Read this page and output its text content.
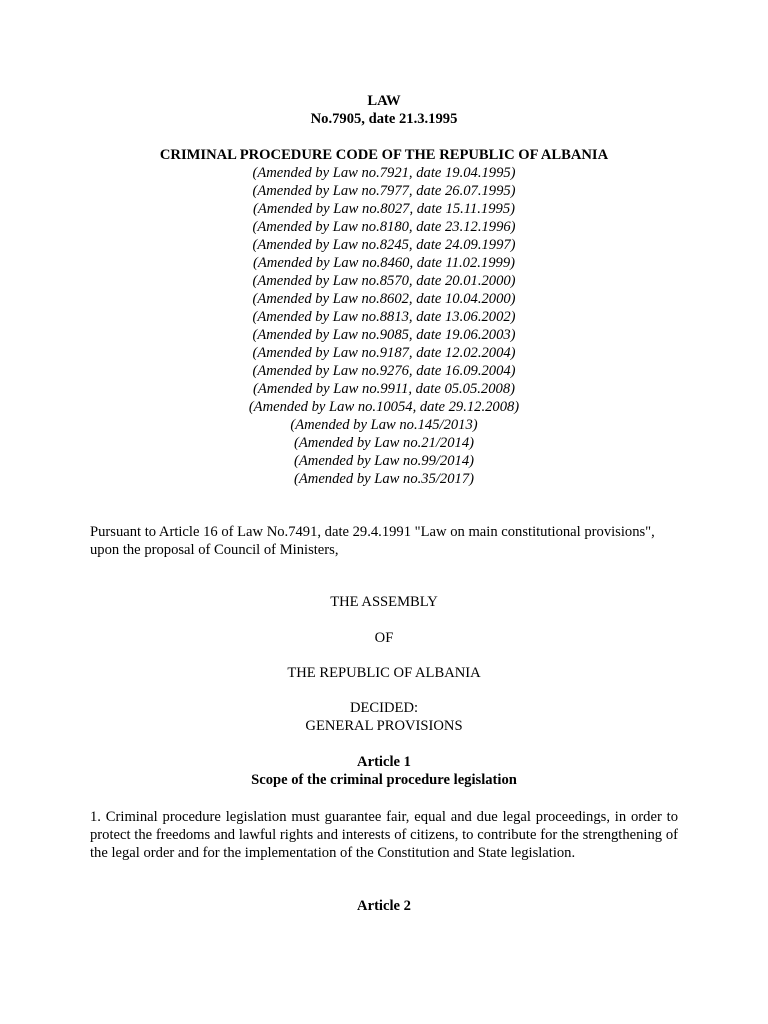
LAW
No.7905, date 21.3.1995
CRIMINAL PROCEDURE CODE OF THE REPUBLIC OF ALBANIA
(Amended by Law no.7921, date 19.04.1995)
(Amended by Law no.7977, date 26.07.1995)
(Amended by Law no.8027, date 15.11.1995)
(Amended by Law no.8180, date 23.12.1996)
(Amended by Law no.8245, date 24.09.1997)
(Amended by Law no.8460, date 11.02.1999)
(Amended by Law no.8570, date 20.01.2000)
(Amended by Law no.8602, date 10.04.2000)
(Amended by Law no.8813, date 13.06.2002)
(Amended by Law no.9085, date 19.06.2003)
(Amended by Law no.9187, date 12.02.2004)
(Amended by Law no.9276, date 16.09.2004)
(Amended by Law no.9911, date 05.05.2008)
(Amended by Law no.10054, date 29.12.2008)
(Amended by Law no.145/2013)
(Amended by Law no.21/2014)
(Amended by Law no.99/2014)
(Amended by Law no.35/2017)
Pursuant to Article 16 of Law No.7491, date 29.4.1991 "Law on main constitutional provisions",
upon the proposal of Council of Ministers,
THE ASSEMBLY
OF
THE REPUBLIC OF ALBANIA
DECIDED:
GENERAL PROVISIONS
Article 1
Scope of the criminal procedure legislation
1. Criminal procedure legislation must guarantee fair, equal and due legal proceedings, in order to protect the freedoms and lawful rights and interests of citizens, to contribute for the strengthening of the legal order and for the implementation of the Constitution and State legislation.
Article 2
